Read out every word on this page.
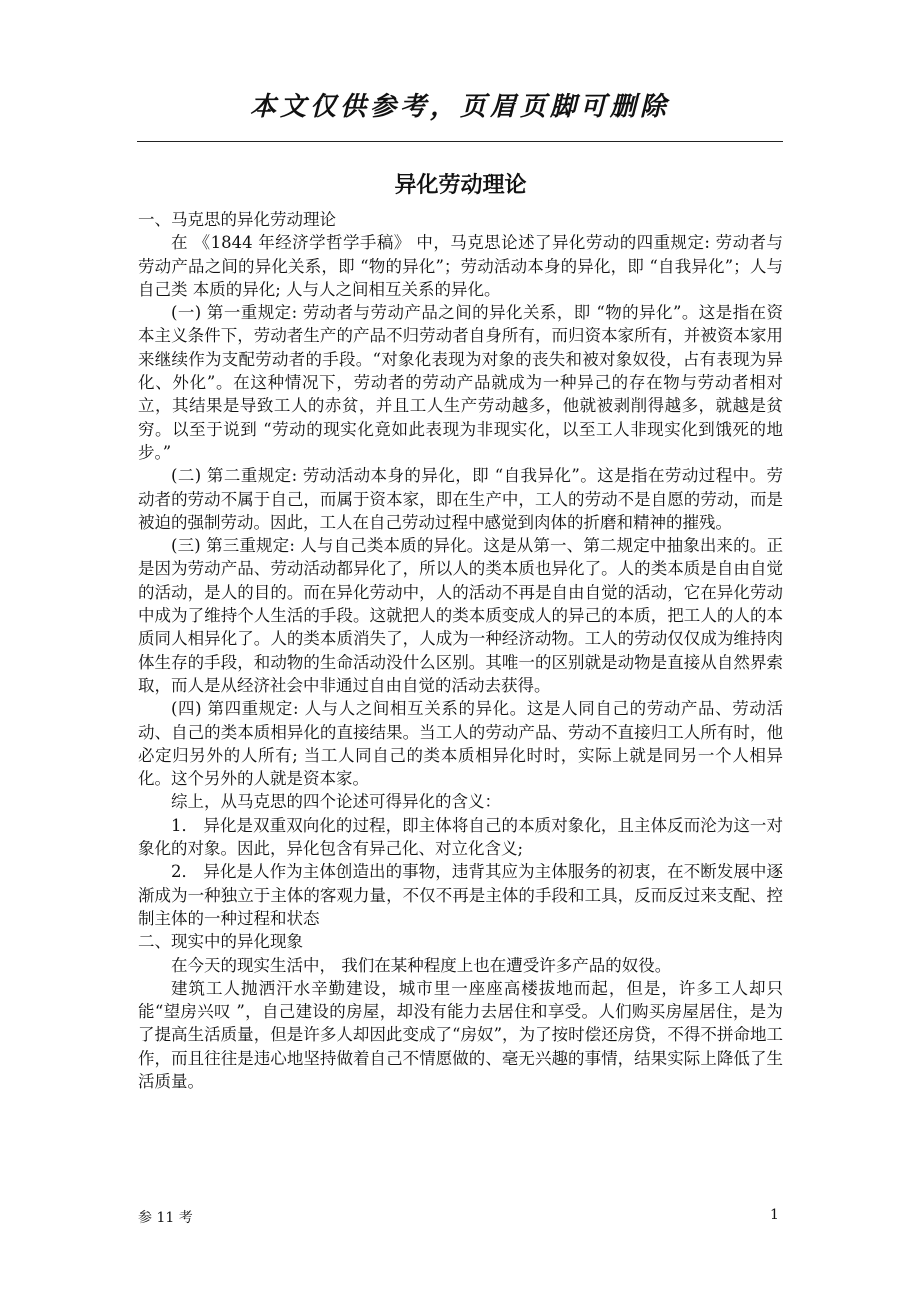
本文仅供参考，页眉页脚可删除
异化劳动理论

一、马克思的异化劳动理论

在 《1844 年经济学哲学手稿》 中，马克思论述了异化劳动的四重规定: 劳动者与劳动产品之间的异化关系，即 “物的异化”；劳动活动本身的异化，即 “自我异化”；人与自己类 本质的异化; 人与人之间相互关系的异化。

(一) 第一重规定: 劳动者与劳动产品之间的异化关系，即 “物的异化”。这是指在资本主义条件下，劳动者生产的产品不归劳动者自身所有，而归资本家所有，并被资本家用来继续作为支配劳动者的手段。“对象化表现为对象的丧失和被对象奴役，占有表现为异化、外化”。在这种情况下，劳动者的劳动产品就成为一种异己的存在物与劳动者相对立，其结果是导致工人的赤贫，并且工人生产劳动越多，他就被剥削得越多，就越是贫穷。以至于说到 “劳动的现实化竟如此表现为非现实化，以至工人非现实化到饿死的地步。”

(二) 第二重规定: 劳动活动本身的异化，即 “自我异化”。这是指在劳动过程中。劳动者的劳动不属于自己，而属于资本家，即在生产中，工人的劳动不是自愿的劳动，而是被迫的强制劳动。因此，工人在自己劳动过程中感觉到肉体的折磨和精神的摧残。

(三) 第三重规定: 人与自己类本质的异化。这是从第一、第二规定中抽象出来的。正是因为劳动产品、劳动活动都异化了，所以人的类本质也异化了。人的类本质是自由自觉的活动，是人的目的。而在异化劳动中，人的活动不再是自由自觉的活动，它在异化劳动中成为了维持个人生活的手段。这就把人的类本质变成人的异己的本质，把工人的人的本质同人相异化了。人的类本质消失了，人成为一种经济动物。工人的劳动仅仅成为维持肉体生存的手段，和动物的生命活动没什么区别。其唯一的区别就是动物是直接从自然界索取，而人是从经济社会中非通过自由自觉的活动去获得。

(四) 第四重规定: 人与人之间相互关系的异化。这是人同自己的劳动产品、劳动活动、自己的类本质相异化的直接结果。当工人的劳动产品、劳动不直接归工人所有时，他必定归另外的人所有; 当工人同自己的类本质相异化时时，实际上就是同另一个人相异化。这个另外的人就是资本家。

综上，从马克思的四个论述可得异化的含义：

1． 异化是双重双向化的过程，即主体将自己的本质对象化，且主体反而沦为这一对象化的对象。因此，异化包含有异己化、对立化含义;

2． 异化是人作为主体创造出的事物，违背其应为主体服务的初衷，在不断发展中逐渐成为一种独立于主体的客观力量，不仅不再是主体的手段和工具，反而反过来支配、控制主体的一种过程和状态

二、现实中的异化现象

在今天的现实生活中， 我们在某种程度上也在遭受许多产品的奴役。

建筑工人抛洒汗水辛勤建设，城市里一座座高楼拔地而起，但是，许多工人却只能“望房兴叹 ”，自己建设的房屋，却没有能力去居住和享受。人们购买房屋居住，是为了提高生活质量，但是许多人却因此变成了“房奴”，为了按时偿还房贷，不得不拼命地工作，而且往往是违心地坚持做着自己不情愿做的、毫无兴趣的事情，结果实际上降低了生活质量。

参 11 考	1
